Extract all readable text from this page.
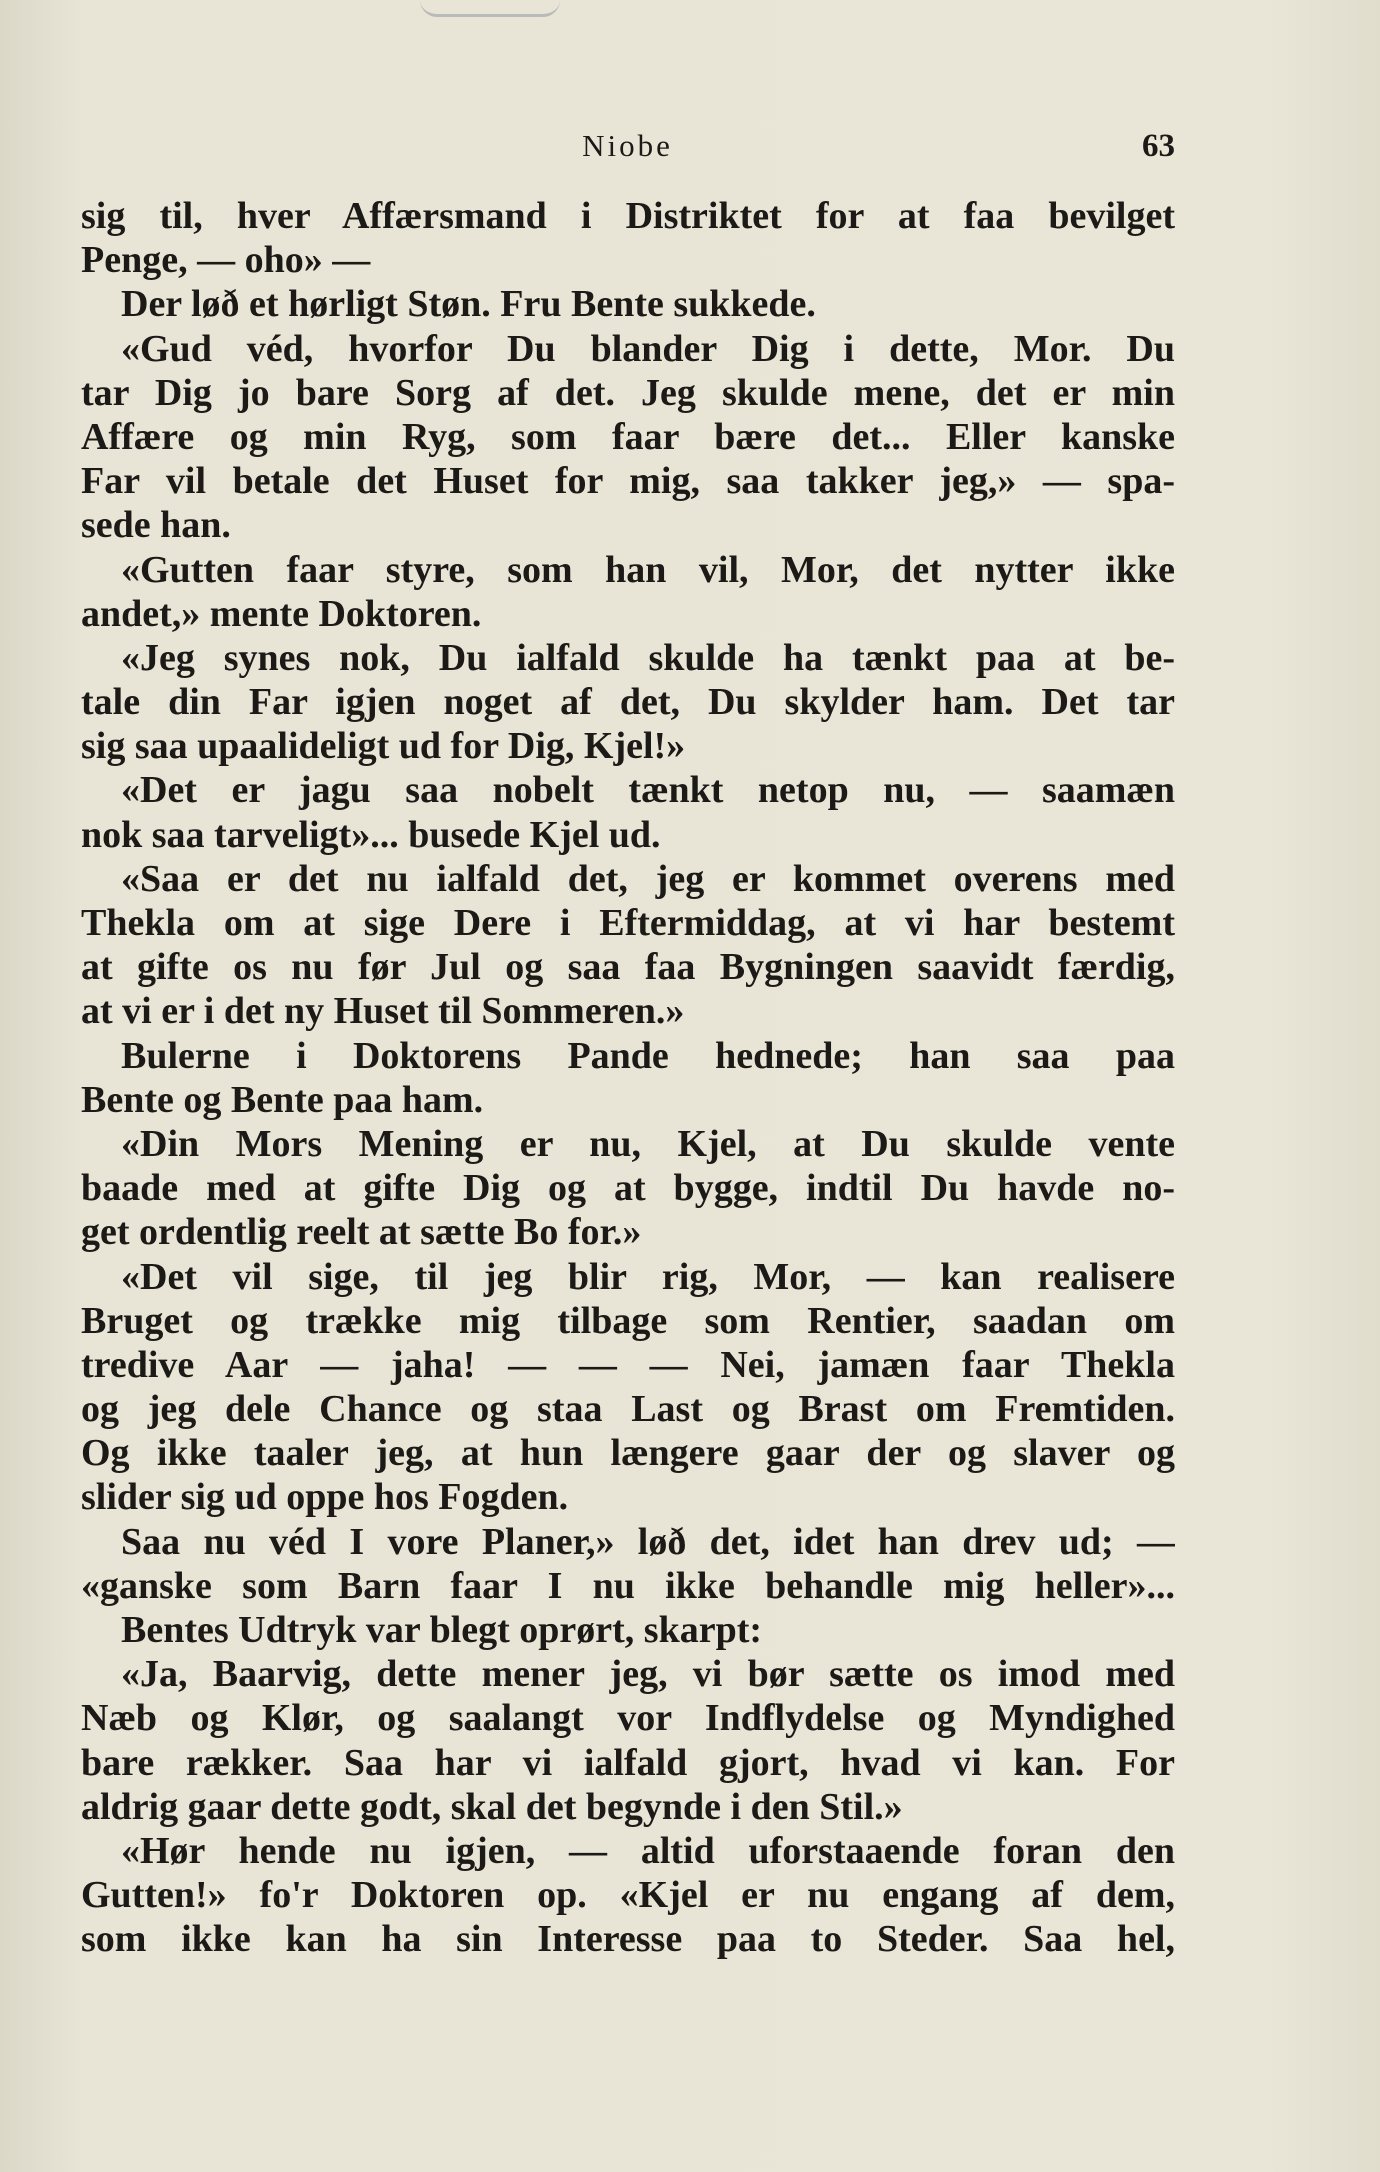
Niobe	63
sig til, hver Affærsmand i Distriktet for at faa bevilget
Penge, — oho» —
Der løð et hørligt Støn. Fru Bente sukkede.
«Gud véd, hvorfor Du blander Dig i dette, Mor. Du
tar Dig jo bare Sorg af det. Jeg skulde mene, det er min
Affære og min Ryg, som faar bære det... Eller kanske
Far vil betale det Huset for mig, saa takker jeg,» — spa-
sede han.
«Gutten faar styre, som han vil, Mor, det nytter ikke
andet,» mente Doktoren.
«Jeg synes nok, Du ialfald skulde ha tænkt paa at be-
tale din Far igjen noget af det, Du skylder ham. Det tar
sig saa upaalideligt ud for Dig, Kjel!»
«Det er jagu saa nobelt tænkt netop nu, — saamæn
nok saa tarveligt»... busede Kjel ud.
«Saa er det nu ialfald det, jeg er kommet overens med
Thekla om at sige Dere i Eftermiddag, at vi har bestemt
at gifte os nu før Jul og saa faa Bygningen saavidt færdig,
at vi er i det ny Huset til Sommeren.»
Bulerne i Doktorens Pande hednede; han saa paa
Bente og Bente paa ham.
«Din Mors Mening er nu, Kjel, at Du skulde vente
baade med at gifte Dig og at bygge, indtil Du havde no-
get ordentlig reelt at sætte Bo for.»
«Det vil sige, til jeg blir rig, Mor, — kan realisere
Bruget og trække mig tilbage som Rentier, saadan om
tredive Aar — jaha! — — — Nei, jamæn faar Thekla
og jeg dele Chance og staa Last og Brast om Fremtiden.
Og ikke taaler jeg, at hun længere gaar der og slaver og
slider sig ud oppe hos Fogden.
Saa nu véd I vore Planer,» løð det, idet han drev ud; —
«ganske som Barn faar I nu ikke behandle mig heller»...
Bentes Udtryk var blegt oprørt, skarpt:
«Ja, Baarvig, dette mener jeg, vi bør sætte os imod med
Næb og Klør, og saalangt vor Indflydelse og Myndighed
bare rækker. Saa har vi ialfald gjort, hvad vi kan. For
aldrig gaar dette godt, skal det begynde i den Stil.»
«Hør hende nu igjen, — altid uforstaaende foran den
Gutten!» fo'r Doktoren op. «Kjel er nu engang af dem,
som ikke kan ha sin Interesse paa to Steder. Saa hel,
